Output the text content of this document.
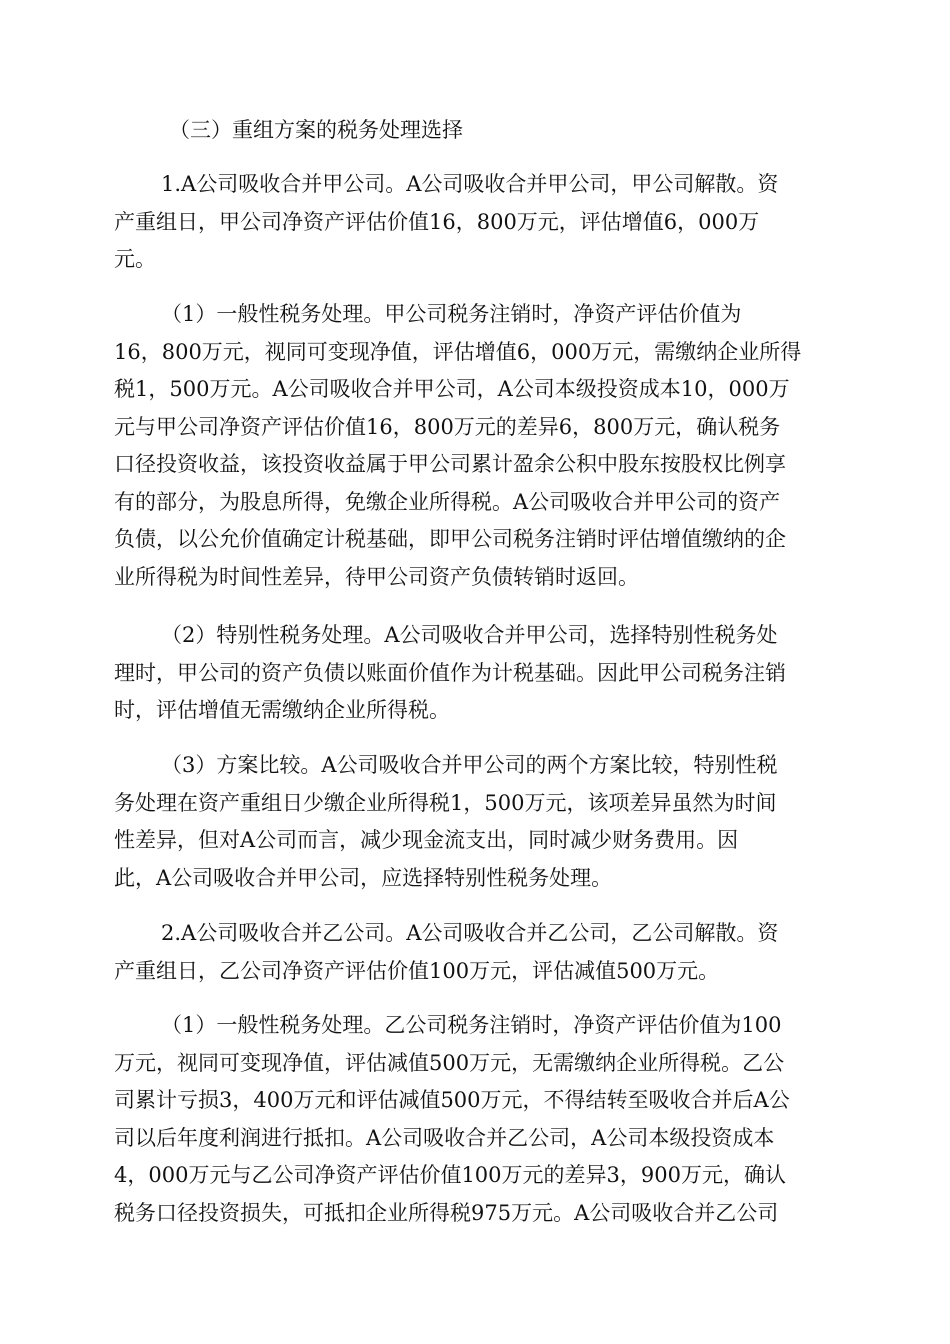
（三）重组方案的税务处理选择
1.A公司吸收合并甲公司。A公司吸收合并甲公司，甲公司解散。资
产重组日，甲公司净资产评估价值16，800万元，评估增值6，000万
元。
（1）一般性税务处理。甲公司税务注销时，净资产评估价值为
16，800万元，视同可变现净值，评估增值6，000万元，需缴纳企业所得
税1，500万元。A公司吸收合并甲公司，A公司本级投资成本10，000万
元与甲公司净资产评估价值16，800万元的差异6，800万元，确认税务
口径投资收益，该投资收益属于甲公司累计盈余公积中股东按股权比例享
有的部分，为股息所得，免缴企业所得税。A公司吸收合并甲公司的资产
负债，以公允价值确定计税基础，即甲公司税务注销时评估增值缴纳的企
业所得税为时间性差异，待甲公司资产负债转销时返回。
（2）特别性税务处理。A公司吸收合并甲公司，选择特别性税务处
理时，甲公司的资产负债以账面价值作为计税基础。因此甲公司税务注销
时，评估增值无需缴纳企业所得税。
（3）方案比较。A公司吸收合并甲公司的两个方案比较，特别性税
务处理在资产重组日少缴企业所得税1，500万元，该项差异虽然为时间
性差异，但对A公司而言，减少现金流支出，同时减少财务费用。因
此，A公司吸收合并甲公司，应选择特别性税务处理。
2.A公司吸收合并乙公司。A公司吸收合并乙公司，乙公司解散。资
产重组日，乙公司净资产评估价值100万元，评估减值500万元。
（1）一般性税务处理。乙公司税务注销时，净资产评估价值为100
万元，视同可变现净值，评估减值500万元，无需缴纳企业所得税。乙公
司累计亏损3，400万元和评估减值500万元，不得结转至吸收合并后A公
司以后年度利润进行抵扣。A公司吸收合并乙公司，A公司本级投资成本
4，000万元与乙公司净资产评估价值100万元的差异3，900万元，确认
税务口径投资损失，可抵扣企业所得税975万元。A公司吸收合并乙公司
